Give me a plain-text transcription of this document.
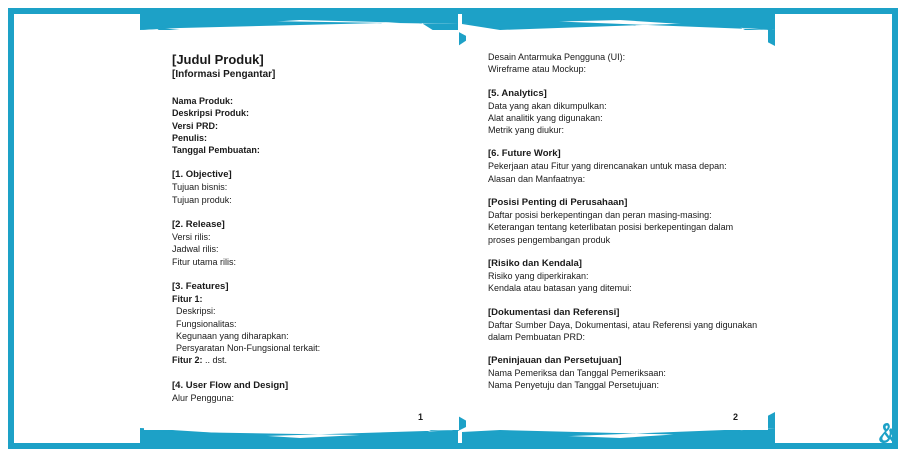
[Judul Produk]
[Informasi Pengantar]
Nama Produk:
Deskripsi Produk:
Versi PRD:
Penulis:
Tanggal Pembuatan:
[1. Objective]
Tujuan bisnis:
Tujuan produk:
[2. Release]
Versi rilis:
Jadwal rilis:
Fitur utama rilis:
[3. Features]
Fitur 1:
Deskripsi:
Fungsionalitas:
Kegunaan yang diharapkan:
Persyaratan Non-Fungsional terkait:
Fitur 2: .. dst.
[4. User Flow and Design]
Alur Pengguna:
1
Desain Antarmuka Pengguna (UI):
Wireframe atau Mockup:
[5. Analytics]
Data yang akan dikumpulkan:
Alat analitik yang digunakan:
Metrik yang diukur:
[6. Future Work]
Pekerjaan atau Fitur yang direncanakan untuk masa depan:
Alasan dan Manfaatnya:
[Posisi Penting di Perusahaan]
Daftar posisi berkepentingan dan peran masing-masing:
Keterangan tentang keterlibatan posisi berkepentingan dalam
proses pengembangan produk
[Risiko dan Kendala]
Risiko yang diperkirakan:
Kendala atau batasan yang ditemui:
[Dokumentasi dan Referensi]
Daftar Sumber Daya, Dokumentasi, atau Referensi yang digunakan
dalam Pembuatan PRD:
[Peninjauan dan Persetujuan]
Nama Pemeriksa dan Tanggal Pemeriksaan:
Nama Penyetuju dan Tanggal Persetujuan:
2
